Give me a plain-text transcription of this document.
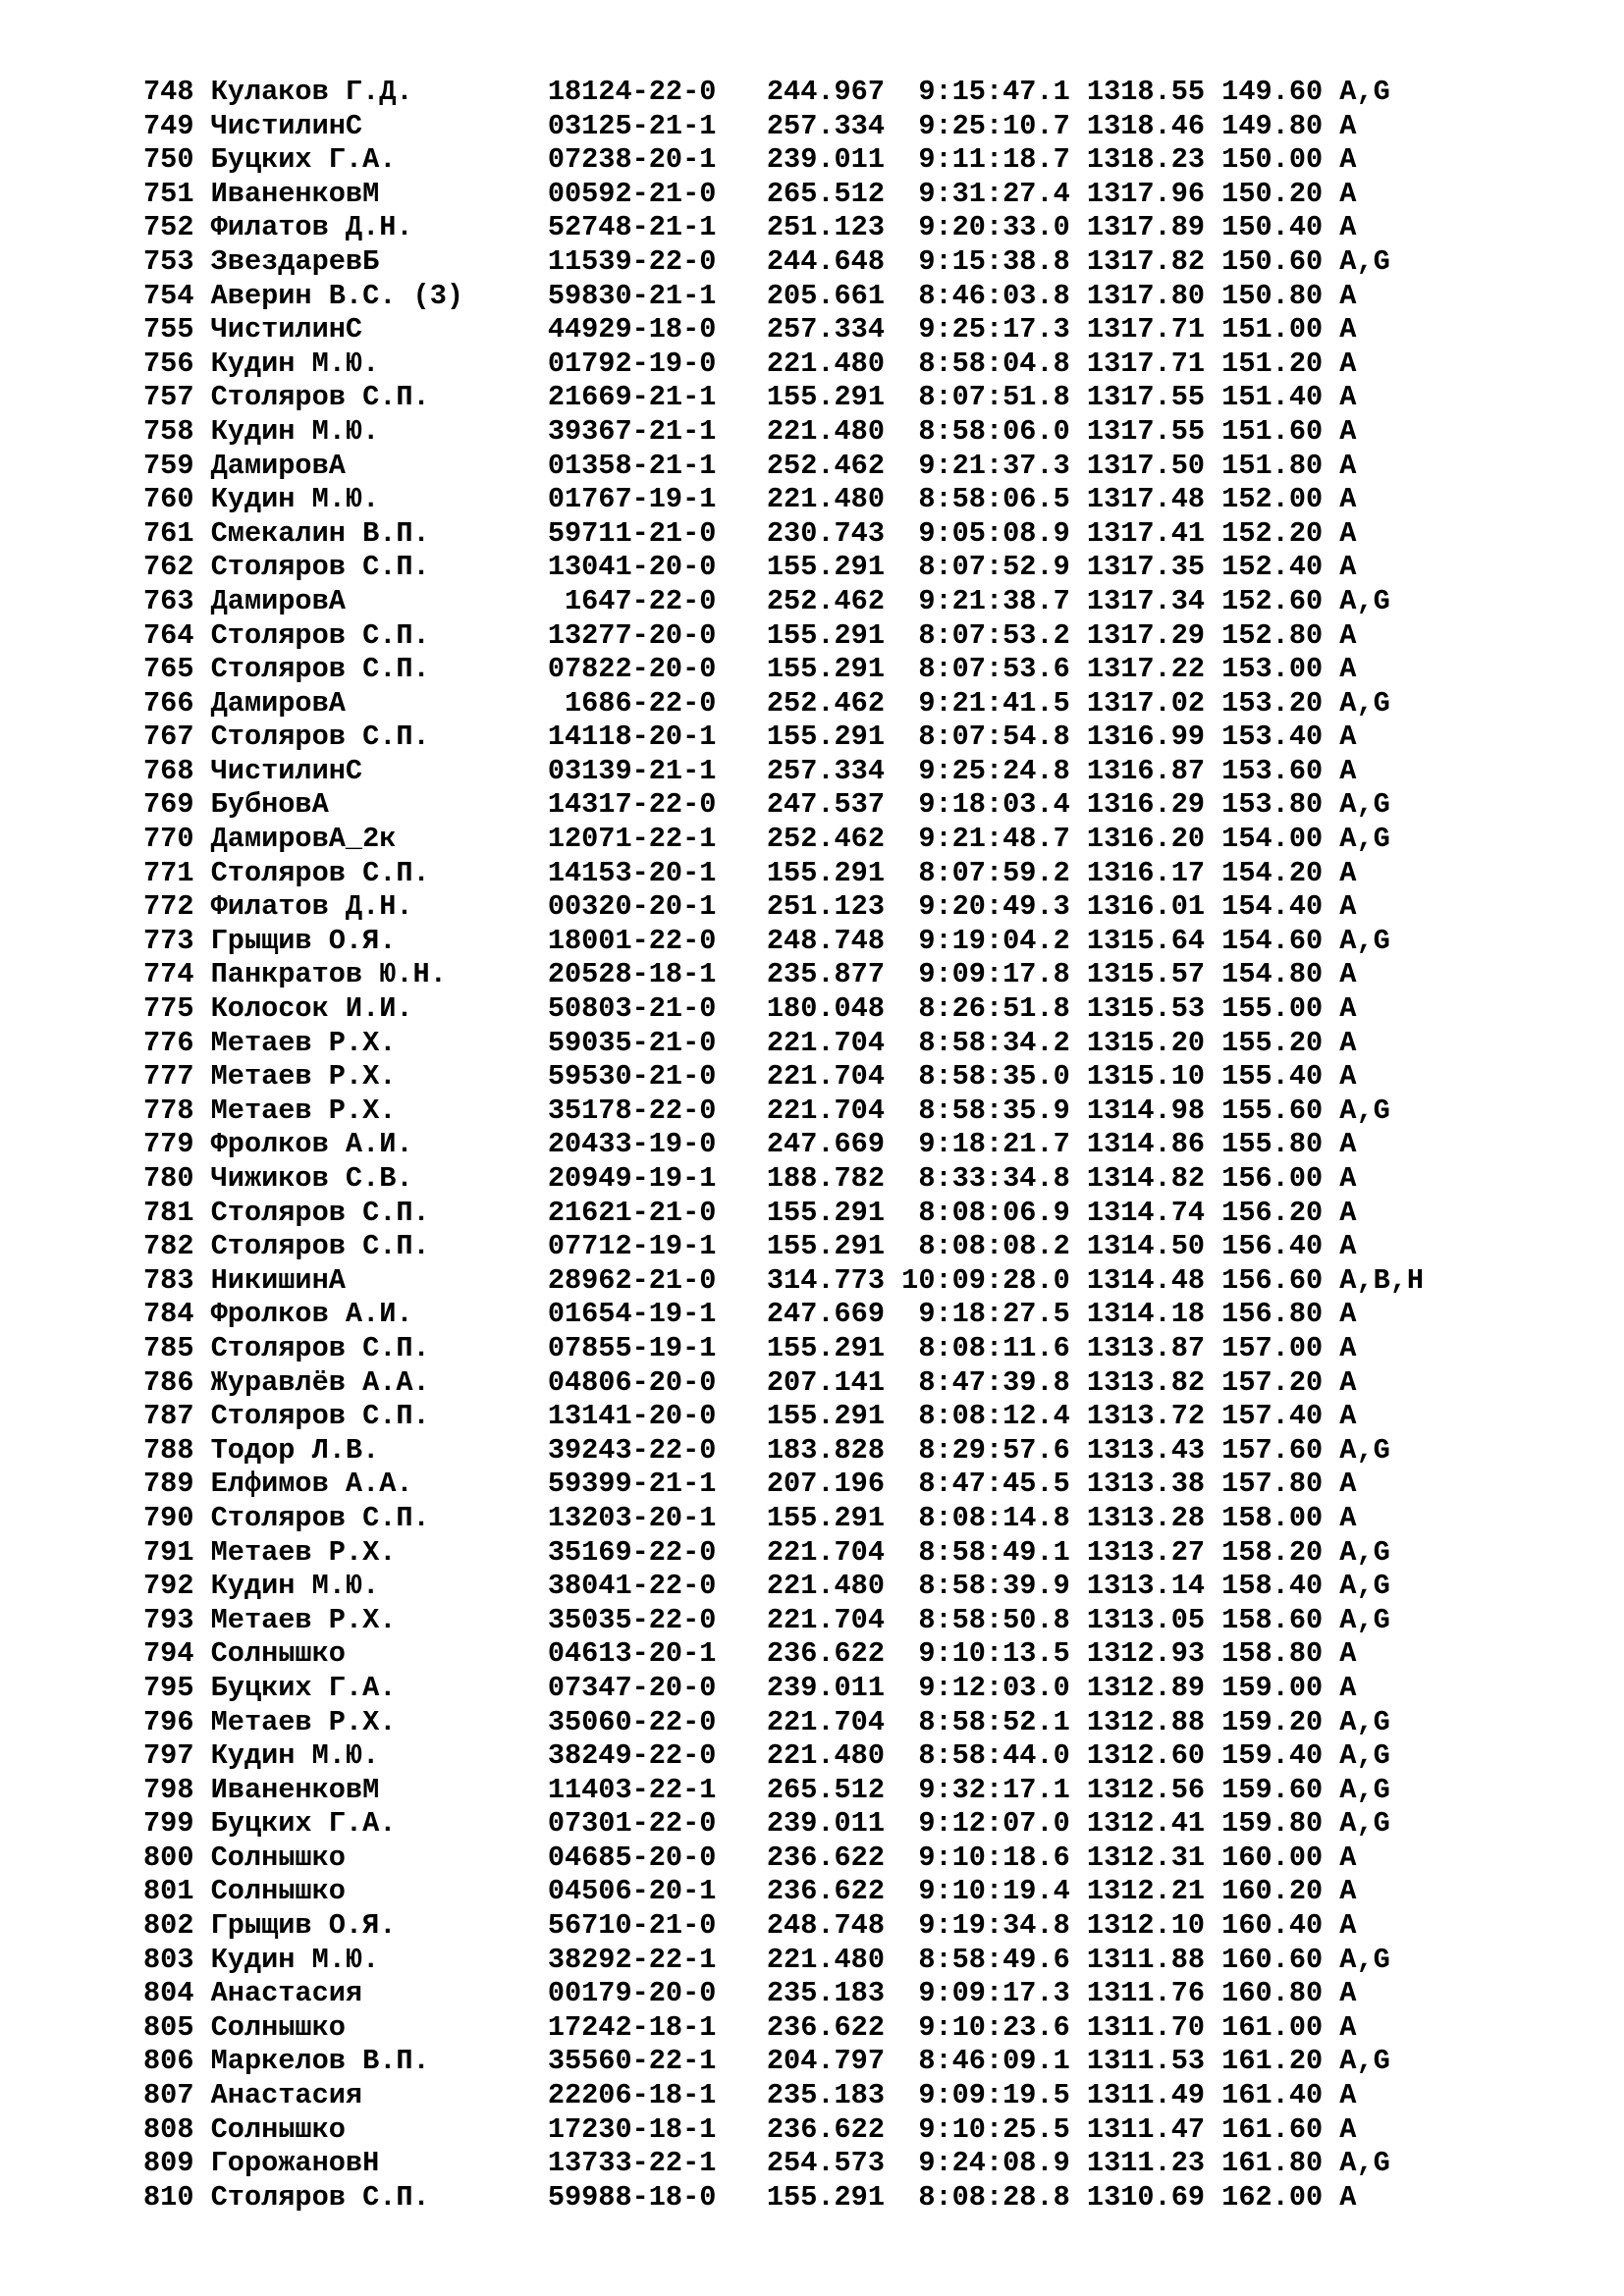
748 Кулаков Г.Д.        18124-22-0   244.967  9:15:47.1 1318.55 149.60 A,G
749 ЧистилинС           03125-21-1   257.334  9:25:10.7 1318.46 149.80 A
750 Буцких Г.А.         07238-20-1   239.011  9:11:18.7 1318.23 150.00 A
751 ИваненковМ          00592-21-0   265.512  9:31:27.4 1317.96 150.20 A
752 Филатов Д.Н.        52748-21-1   251.123  9:20:33.0 1317.89 150.40 A
753 ЗвездаревБ          11539-22-0   244.648  9:15:38.8 1317.82 150.60 A,G
754 Аверин В.С. (3)     59830-21-1   205.661  8:46:03.8 1317.80 150.80 A
755 ЧистилинС           44929-18-0   257.334  9:25:17.3 1317.71 151.00 A
756 Кудин М.Ю.          01792-19-0   221.480  8:58:04.8 1317.71 151.20 A
757 Столяров С.П.       21669-21-1   155.291  8:07:51.8 1317.55 151.40 A
758 Кудин М.Ю.          39367-21-1   221.480  8:58:06.0 1317.55 151.60 A
759 ДамировА            01358-21-1   252.462  9:21:37.3 1317.50 151.80 A
760 Кудин М.Ю.          01767-19-1   221.480  8:58:06.5 1317.48 152.00 A
761 Смекалин В.П.       59711-21-0   230.743  9:05:08.9 1317.41 152.20 A
762 Столяров С.П.       13041-20-0   155.291  8:07:52.9 1317.35 152.40 A
763 ДамировА             1647-22-0   252.462  9:21:38.7 1317.34 152.60 A,G
764 Столяров С.П.       13277-20-0   155.291  8:07:53.2 1317.29 152.80 A
765 Столяров С.П.       07822-20-0   155.291  8:07:53.6 1317.22 153.00 A
766 ДамировА             1686-22-0   252.462  9:21:41.5 1317.02 153.20 A,G
767 Столяров С.П.       14118-20-1   155.291  8:07:54.8 1316.99 153.40 A
768 ЧистилинС           03139-21-1   257.334  9:25:24.8 1316.87 153.60 A
769 БубновА             14317-22-0   247.537  9:18:03.4 1316.29 153.80 A,G
770 ДамировА_2к         12071-22-1   252.462  9:21:48.7 1316.20 154.00 A,G
771 Столяров С.П.       14153-20-1   155.291  8:07:59.2 1316.17 154.20 A
772 Филатов Д.Н.        00320-20-1   251.123  9:20:49.3 1316.01 154.40 A
773 Грыщив О.Я.         18001-22-0   248.748  9:19:04.2 1315.64 154.60 A,G
774 Панкратов Ю.Н.      20528-18-1   235.877  9:09:17.8 1315.57 154.80 A
775 Колосок И.И.        50803-21-0   180.048  8:26:51.8 1315.53 155.00 A
776 Метаев Р.Х.         59035-21-0   221.704  8:58:34.2 1315.20 155.20 A
777 Метаев Р.Х.         59530-21-0   221.704  8:58:35.0 1315.10 155.40 A
778 Метаев Р.Х.         35178-22-0   221.704  8:58:35.9 1314.98 155.60 A,G
779 Фролков А.И.        20433-19-0   247.669  9:18:21.7 1314.86 155.80 A
780 Чижиков С.В.        20949-19-1   188.782  8:33:34.8 1314.82 156.00 A
781 Столяров С.П.       21621-21-0   155.291  8:08:06.9 1314.74 156.20 A
782 Столяров С.П.       07712-19-1   155.291  8:08:08.2 1314.50 156.40 A
783 НикишинА            28962-21-0   314.773 10:09:28.0 1314.48 156.60 A,B,H
784 Фролков А.И.        01654-19-1   247.669  9:18:27.5 1314.18 156.80 A
785 Столяров С.П.       07855-19-1   155.291  8:08:11.6 1313.87 157.00 A
786 Журавлёв А.А.       04806-20-0   207.141  8:47:39.8 1313.82 157.20 A
787 Столяров С.П.       13141-20-0   155.291  8:08:12.4 1313.72 157.40 A
788 Тодор Л.В.          39243-22-0   183.828  8:29:57.6 1313.43 157.60 A,G
789 Елфимов А.А.        59399-21-1   207.196  8:47:45.5 1313.38 157.80 A
790 Столяров С.П.       13203-20-1   155.291  8:08:14.8 1313.28 158.00 A
791 Метаев Р.Х.         35169-22-0   221.704  8:58:49.1 1313.27 158.20 A,G
792 Кудин М.Ю.          38041-22-0   221.480  8:58:39.9 1313.14 158.40 A,G
793 Метаев Р.Х.         35035-22-0   221.704  8:58:50.8 1313.05 158.60 A,G
794 Солнышко            04613-20-1   236.622  9:10:13.5 1312.93 158.80 A
795 Буцких Г.А.         07347-20-0   239.011  9:12:03.0 1312.89 159.00 A
796 Метаев Р.Х.         35060-22-0   221.704  8:58:52.1 1312.88 159.20 A,G
797 Кудин М.Ю.          38249-22-0   221.480  8:58:44.0 1312.60 159.40 A,G
798 ИваненковМ          11403-22-1   265.512  9:32:17.1 1312.56 159.60 A,G
799 Буцких Г.А.         07301-22-0   239.011  9:12:07.0 1312.41 159.80 A,G
800 Солнышко            04685-20-0   236.622  9:10:18.6 1312.31 160.00 A
801 Солнышко            04506-20-1   236.622  9:10:19.4 1312.21 160.20 A
802 Грыщив О.Я.         56710-21-0   248.748  9:19:34.8 1312.10 160.40 A
803 Кудин М.Ю.          38292-22-1   221.480  8:58:49.6 1311.88 160.60 A,G
804 Анастасия           00179-20-0   235.183  9:09:17.3 1311.76 160.80 A
805 Солнышко            17242-18-1   236.622  9:10:23.6 1311.70 161.00 A
806 Маркелов В.П.       35560-22-1   204.797  8:46:09.1 1311.53 161.20 A,G
807 Анастасия           22206-18-1   235.183  9:09:19.5 1311.49 161.40 A
808 Солнышко            17230-18-1   236.622  9:10:25.5 1311.47 161.60 A
809 ГорожановН          13733-22-1   254.573  9:24:08.9 1311.23 161.80 A,G
810 Столяров С.П.       59988-18-0   155.291  8:08:28.8 1310.69 162.00 A
